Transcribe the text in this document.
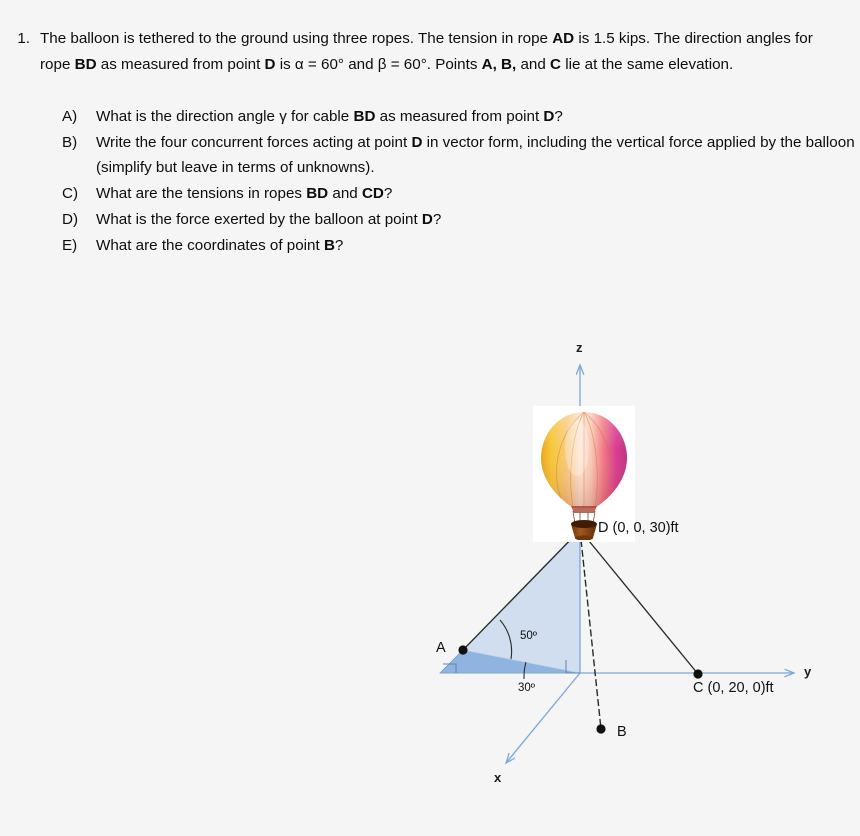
1. The balloon is tethered to the ground using three ropes. The tension in rope AD is 1.5 kips. The direction angles for rope BD as measured from point D is α = 60° and β = 60°. Points A, B, and C lie at the same elevation.

A)	What is the direction angle γ for cable BD as measured from point D?
B)	Write the four concurrent forces acting at point D in vector form, including the vertical force applied by the balloon (simplify but leave in terms of unknowns).
C)	What are the tensions in ropes BD and CD?
D)	What is the force exerted by the balloon at point D?
E)	What are the coordinates of point B?
z
y
x
D (0, 0, 30)ft
C (0, 20, 0)ft
A
B
50º
30º
